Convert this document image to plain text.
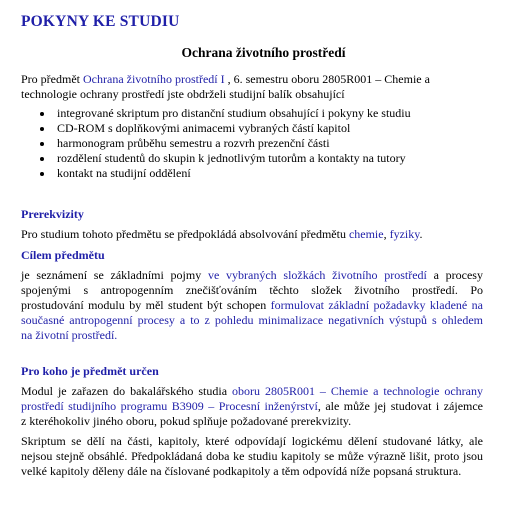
POKYNY KE STUDIU
Ochrana životního prostředí
Pro předmět Ochrana životního prostředí I , 6. semestru oboru 2805R001 – Chemie a
technologie ochrany prostředí jste obdrželi studijní balík obsahující
integrované skriptum pro distanční studium obsahující i pokyny ke studiu
CD-ROM s doplňkovými animacemi vybraných částí kapitol
harmonogram průběhu semestru a rozvrh prezenční části
rozdělení studentů do skupin k jednotlivým tutorům a kontakty na tutory
kontakt na studijní oddělení
Prerekvizity
Pro studium tohoto předmětu se předpokládá absolvování předmětu chemie, fyziky.
Cílem předmětu
je seznámení se základními pojmy ve vybraných složkách životního prostředí a procesy
spojenými s antropogenním znečišťováním těchto složek životního prostředí. Po
prostudování modulu by měl student být schopen formulovat základní požadavky kladené na
současné antropogenní procesy a to z pohledu minimalizace negativních výstupů s ohledem
na životní prostředí.
Pro koho je předmět určen
Modul je zařazen do bakalářského studia oboru 2805R001 – Chemie a technologie ochrany
prostředí studijního programu B3909 – Procesní inženýrství, ale může jej studovat i zájemce
z kteréhokoliv jiného oboru, pokud splňuje požadované prerekvizity.
Skriptum se dělí na části, kapitoly, které odpovídají logickému dělení studované látky, ale
nejsou stejně obsáhlé. Předpokládaná doba ke studiu kapitoly se může výrazně lišit, proto jsou
velké kapitoly děleny dále na číslované podkapitoly a těm odpovídá níže popsaná struktura.
